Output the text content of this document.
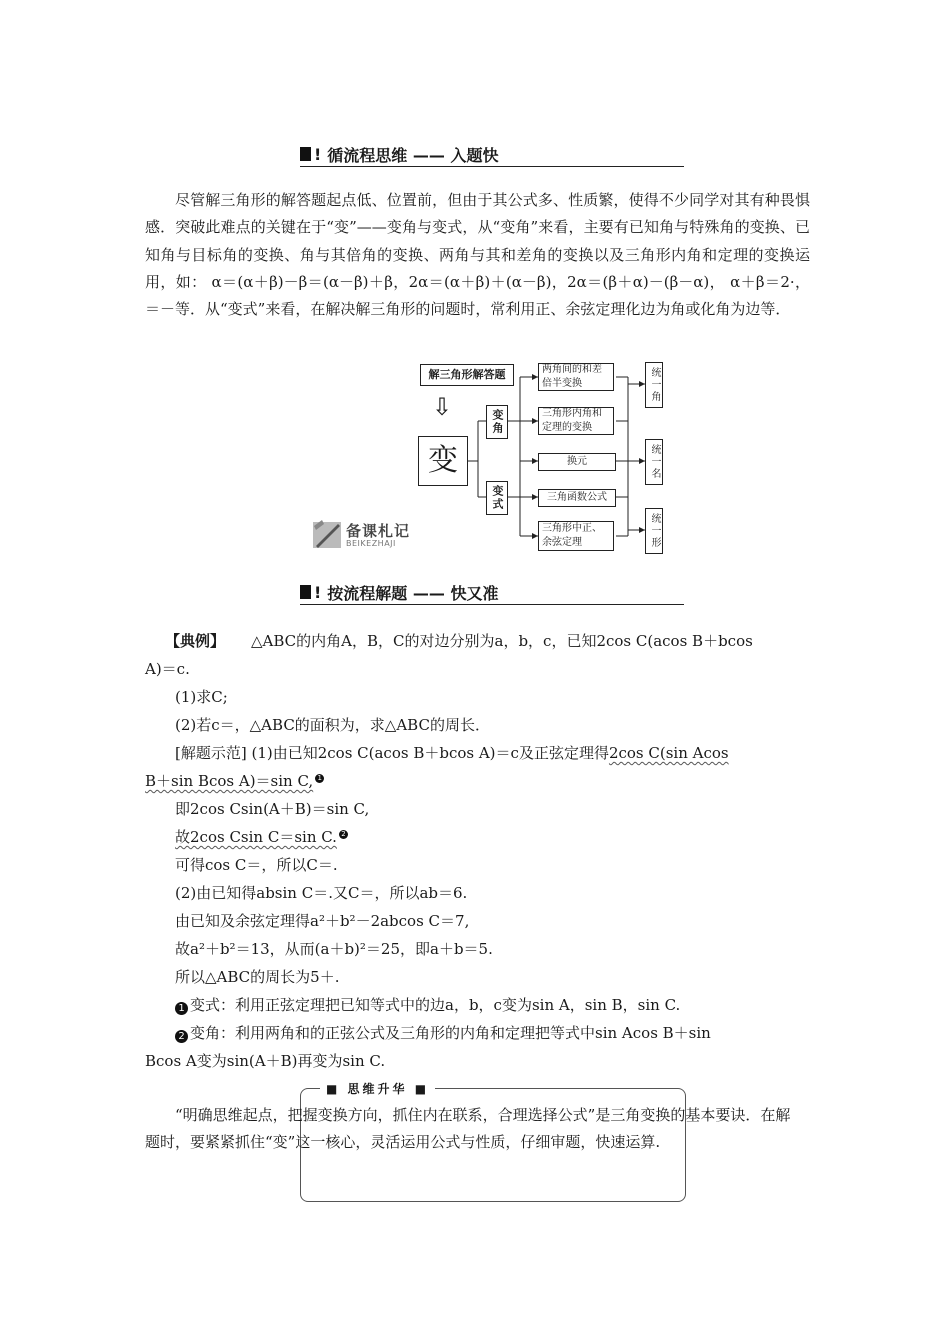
! 循流程思维 —— 入题快
尽管解三角形的解答题起点低、位置前，但由于其公式多、性质繁，使得不少同学对其有种畏惧感．突破此难点的关键在于“变”——变角与变式，从“变角”来看，主要有已知角与特殊角的变换、已知角与目标角的变换、角与其倍角的变换、两角与其和差角的变换以及三角形内角和定理的变换运用，如： α＝(α＋β)－β＝(α－β)＋β，2α＝(α＋β)＋(α－β)，2α＝(β＋α)－(β－α)， α＋β＝2·，＝－等．从“变式”来看，在解决解三角形的问题时，常利用正、余弦定理化边为角或化角为边等．
解三角形解答题
⇩
变
变角
变式
两角间的和差倍半变换
三角形内角和定理的变换
换元
三角函数公式
三角形中正、余弦定理
统一角
统一名
统一形
备课札记
BEIKEZHAJI
! 按流程解题 —— 快又准
【典例】 △ABC的内角A，B，C的对边分别为a，b，c，已知2cos C(acos B＋bcos
A)＝c.
(1)求C;
(2)若c＝，△ABC的面积为，求△ABC的周长．
[解题示范] (1)由已知2cos C(acos B＋bcos A)＝c及正弦定理得2cos C(sin Acos
B＋sin Bcos A)＝sin C, 1
即2cos Csin(A＋B)＝sin C,
故2cos Csin C＝sin C. 2
可得cos C＝，所以C＝.
(2)由已知得absin C＝.又C＝，所以ab＝6.
由已知及余弦定理得a²＋b²－2abcos C＝7,
故a²＋b²＝13，从而(a＋b)²＝25，即a＋b＝5.
所以△ABC的周长为5＋.
1 变式：利用正弦定理把已知等式中的边a，b，c变为sin A，sin B，sin C.
2 变角：利用两角和的正弦公式及三角形的内角和定理把等式中sin Acos B＋sin
Bcos A变为sin(A＋B)再变为sin C.
■ 思维升华 ■
“明确思维起点，把握变换方向，抓住内在联系，合理选择公式”是三角变换的基本要诀．在解题时，要紧紧抓住“变”这一核心，灵活运用公式与性质，仔细审题，快速运算.
